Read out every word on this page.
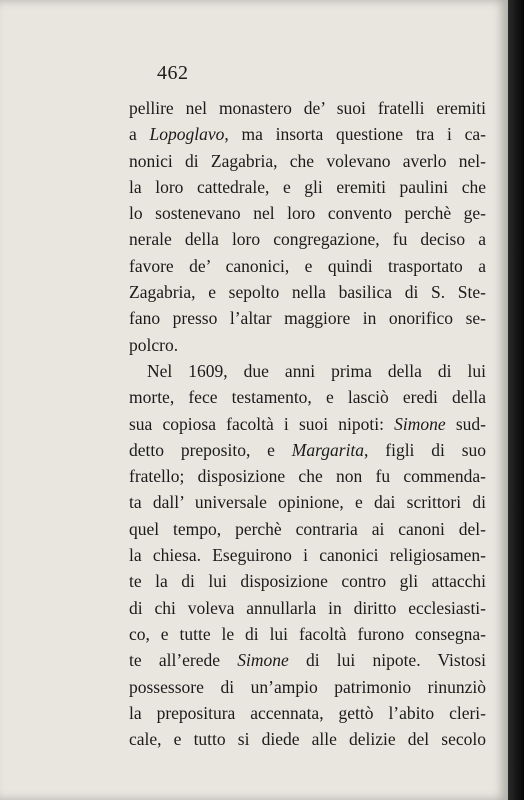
462
pellire nel monastero de’ suoi fratelli eremiti
a Lopoglavo, ma insorta questione tra i ca-
nonici di Zagabria, che volevano averlo nel-
la loro cattedrale, e gli eremiti paulini che
lo sostenevano nel loro convento perchè ge-
nerale della loro congregazione, fu deciso a
favore de’ canonici, e quindi trasportato a
Zagabria, e sepolto nella basilica di S. Ste-
fano presso l’altar maggiore in onorifico se-
polcro.
Nel 1609, due anni prima della di lui
morte, fece testamento, e lasciò eredi della
sua copiosa facoltà i suoi nipoti: Simone sud-
detto preposito, e Margarita, figli di suo
fratello; disposizione che non fu commenda-
ta dall’ universale opinione, e dai scrittori di
quel tempo, perchè contraria ai canoni del-
la chiesa. Eseguirono i canonici religiosamen-
te la di lui disposizione contro gli attacchi
di chi voleva annullarla in diritto ecclesiasti-
co, e tutte le di lui facoltà furono consegna-
te all’erede Simone di lui nipote. Vistosi
possessore di un’ampio patrimonio rinunziò
la prepositura accennata, gettò l’abito cleri-
cale, e tutto si diede alle delizie del secolo
